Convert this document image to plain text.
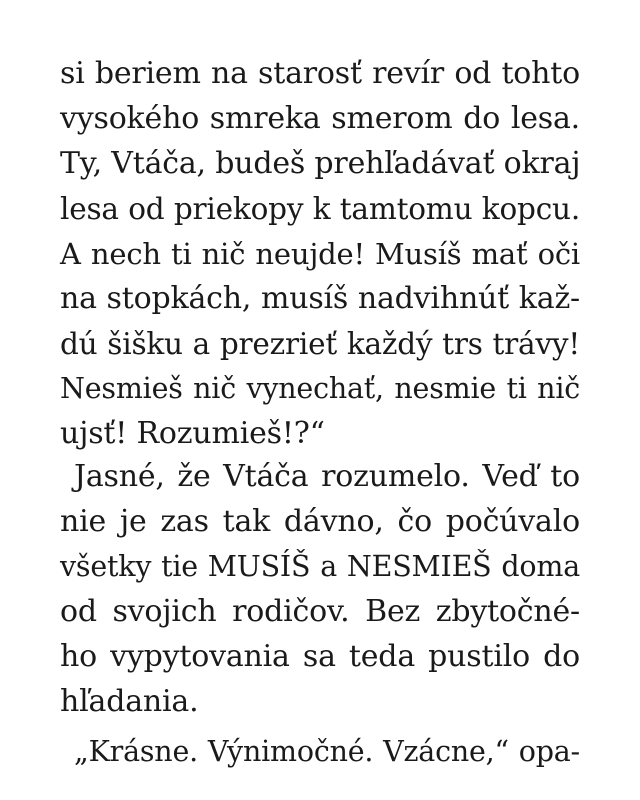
si beriem na starosť revír od tohto
vysokého smreka smerom do lesa.
Ty, Vtáča, budeš prehľadávať okraj
lesa od priekopy k tamtomu kopcu.
A nech ti nič neujde! Musíš mať oči
na stopkách, musíš nadvihnúť kaž-
dú šišku a prezrieť každý trs trávy!
Nesmieš nič vynechať, nesmie ti nič
ujsť! Rozumieš!?“
Jasné, že Vtáča rozumelo. Veď to
nie je zas tak dávno, čo počúvalo
všetky tie MUSÍŠ a NESMIEŠ doma
od svojich rodičov. Bez zbytočné-
ho vypytovania sa teda pustilo do
hľadania.
„Krásne. Výnimočné. Vzácne,“ opa-
